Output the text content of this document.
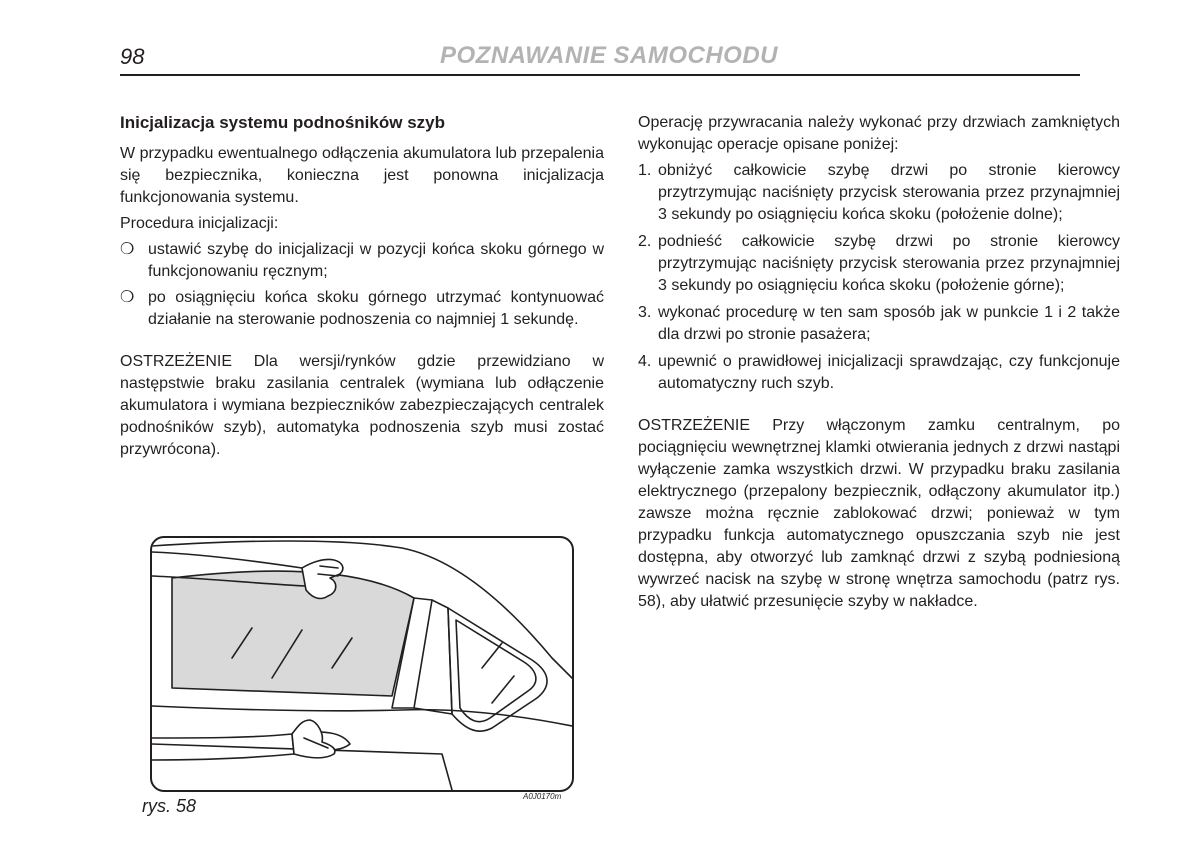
98	POZNAWANIE SAMOCHODU
Inicjalizacja systemu podnośników szyb

W przypadku ewentualnego odłączenia akumulatora lub przepalenia się bezpiecznika, konieczna jest ponowna inicjalizacja funkcjonowania systemu.

Procedura inicjalizacji:

❍ ustawić szybę do inicjalizacji w pozycji końca skoku górnego w funkcjonowaniu ręcznym;
❍ po osiągnięciu końca skoku górnego utrzymać kontynuować działanie na sterowanie podnoszenia co najmniej 1 sekundę.

OSTRZEŻENIE Dla wersji/rynków gdzie przewidziano w następstwie braku zasilania centralek (wymiana lub odłączenie akumulatora i wymiana bezpieczników zabezpieczających centralek podnośników szyb), automatyka podnoszenia szyb musi zostać przywrócona).

Operację przywracania należy wykonać przy drzwiach zamkniętych wykonując operacje opisane poniżej:

1. obniżyć całkowicie szybę drzwi po stronie kierowcy przytrzymując naciśnięty przycisk sterowania przez przynajmniej 3 sekundy po osiągnięciu końca skoku (położenie dolne);
2. podnieść całkowicie szybę drzwi po stronie kierowcy przytrzymując naciśnięty przycisk sterowania przez przynajmniej 3 sekundy po osiągnięciu końca skoku (położenie górne);
3. wykonać procedurę w ten sam sposób jak w punkcie 1 i 2 także dla drzwi po stronie pasażera;
4. upewnić o prawidłowej inicjalizacji sprawdzając, czy funkcjonuje automatyczny ruch szyb.

OSTRZEŻENIE Przy włączonym zamku centralnym, po pociągnięciu wewnętrznej klamki otwierania jednych z drzwi nastąpi wyłączenie zamka wszystkich drzwi. W przypadku braku zasilania elektrycznego (przepalony bezpiecznik, odłączony akumulator itp.) zawsze można ręcznie zablokować drzwi; ponieważ w tym przypadku funkcja automatycznego opuszczania szyb nie jest dostępna, aby otworzyć lub zamknąć drzwi z szybą podniesioną wywrzeć nacisk na szybę w stronę wnętrza samochodu (patrz rys. 58), aby ułatwić przesunięcie szyby w nakładce.

rys. 58	A0J0170m
